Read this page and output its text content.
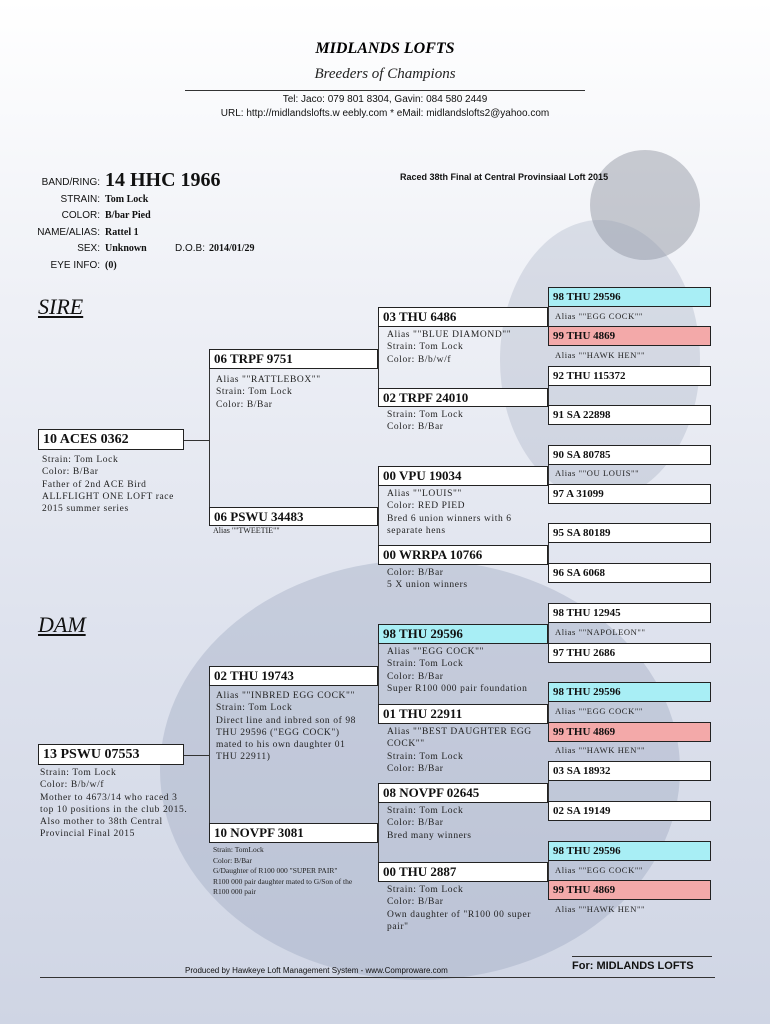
MIDLANDS LOFTS
Breeders of Champions
Tel: Jaco: 079 801 8304, Gavin: 084 580 2449
URL: http://midlandslofts.w eebly.com * eMail: midlandslofts2@yahoo.com
BAND/RING: 14 HHC 1966	Raced 38th Final at Central Provinsiaal Loft 2015
STRAIN: Tom Lock
COLOR: B/bar Pied
NAME/ALIAS: Rattel 1
SEX: Unknown	D.O.B: 2014/01/29
EYE INFO: (0)
SIRE
DAM
10 ACES 0362
Strain: Tom Lock
Color: B/Bar
Father of 2nd ACE Bird
ALLFLIGHT ONE LOFT race
2015 summer series
06 TRPF 9751
Alias ""RATTLEBOX""
Strain: Tom Lock
Color: B/Bar
06 PSWU 34483
Alias ""TWEETIE""
03 THU 6486
Alias ""BLUE DIAMOND""
Strain: Tom Lock
Color: B/b/w/f
02 TRPF 24010
Strain: Tom Lock
Color: B/Bar
00 VPU 19034
Alias ""LOUIS""
Color: RED PIED
Bred 6 union winners with 6
separate hens
00 WRRPA 10766
Color: B/Bar
5 X union winners
98 THU 29596
Alias ""EGG COCK""
99 THU 4869
Alias ""HAWK HEN""
92 THU 115372
91 SA 22898
90 SA 80785
Alias ""OU LOUIS""
97 A 31099
95 SA 80189
96 SA 6068
13 PSWU 07553
Strain: Tom Lock
Color: B/b/w/f
Mother to 4673/14 who raced 3
top 10 positions in the club 2015.
Also mother to 38th Central
Provincial Final 2015
02 THU 19743
Alias ""INBRED EGG COCK""
Strain: Tom Lock
Direct line and inbred son of 98
THU 29596 ("EGG COCK")
mated to his own daughter 01
THU 22911)
10 NOVPF 3081
Strain: TomLock
Color: B/Bar
G/Daughter of R100 000 "SUPER PAIR"
R100 000 pair daughter mated to G/Son of the
R100 000 pair
98 THU 29596
Alias ""EGG COCK""
Strain: Tom Lock
Color: B/Bar
Super R100 000 pair foundation
01 THU 22911
Alias ""BEST DAUGHTER EGG
COCK""
Strain: Tom Lock
Color: B/Bar
08 NOVPF 02645
Strain: Tom Lock
Color: B/Bar
Bred many winners
00 THU 2887
Strain: Tom Lock
Color: B/Bar
Own daughter of "R100 00 super
pair"
98 THU 12945
Alias ""NAPOLEON""
97 THU 2686
98 THU 29596
Alias ""EGG COCK""
99 THU 4869
Alias ""HAWK HEN""
03 SA 18932
02 SA 19149
98 THU 29596
Alias ""EGG COCK""
99 THU 4869
Alias ""HAWK HEN""
For: MIDLANDS LOFTS
Produced by Hawkeye Loft Management System - www.Comproware.com
